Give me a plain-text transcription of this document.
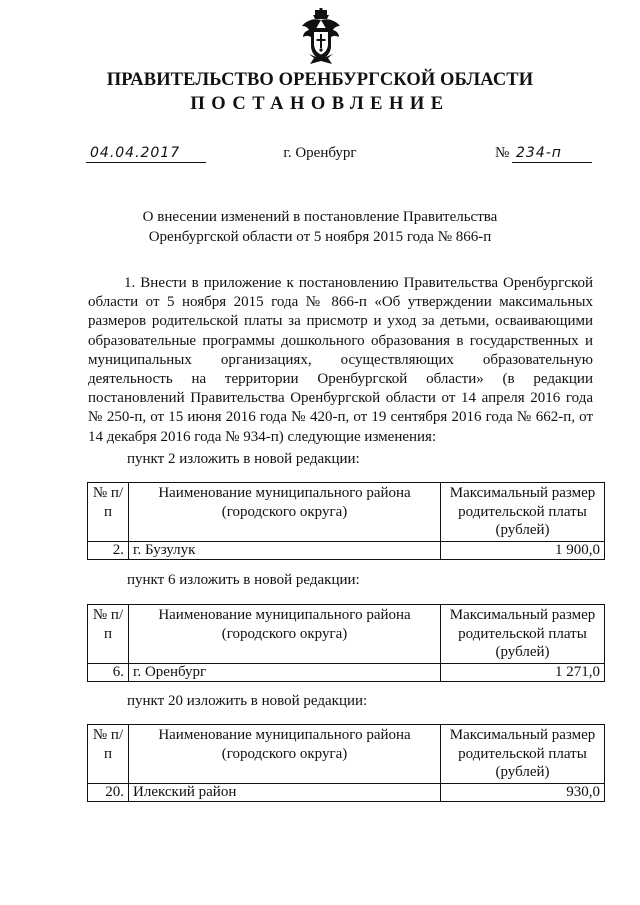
ПРАВИТЕЛЬСТВО ОРЕНБУРГСКОЙ ОБЛАСТИ
ПОСТАНОВЛЕНИЕ
04.04.2017	г. Оренбург	№ 234-п
О внесении изменений в постановление Правительства
Оренбургской области от 5 ноября 2015 года № 866-п

1. Внести в приложение к постановлению Правительства Оренбургской области от 5 ноября 2015 года № 866-п «Об утверждении максимальных размеров родительской платы за присмотр и уход за детьми, осваивающими образовательные программы дошкольного образования в государственных и муниципальных организациях, осуществляющих образовательную деятельность на территории Оренбургской области» (в редакции постановлений Правительства Оренбургской области от 14 апреля 2016 года № 250-п, от 15 июня 2016 года № 420-п, от 19 сентября 2016 года № 662-п, от 14 декабря 2016 года № 934-п) следующие изменения:

пункт 2 изложить в новой редакции:
№ п/п	Наименование муниципального района (городского округа)	Максимальный размер родительской платы (рублей)
2.	г. Бузулук	1 900,0
пункт 6 изложить в новой редакции:
№ п/п	Наименование муниципального района (городского округа)	Максимальный размер родительской платы (рублей)
6.	г. Оренбург	1 271,0
пункт 20 изложить в новой редакции:
№ п/п	Наименование муниципального района (городского округа)	Максимальный размер родительской платы (рублей)
20.	Илекский район	930,0
